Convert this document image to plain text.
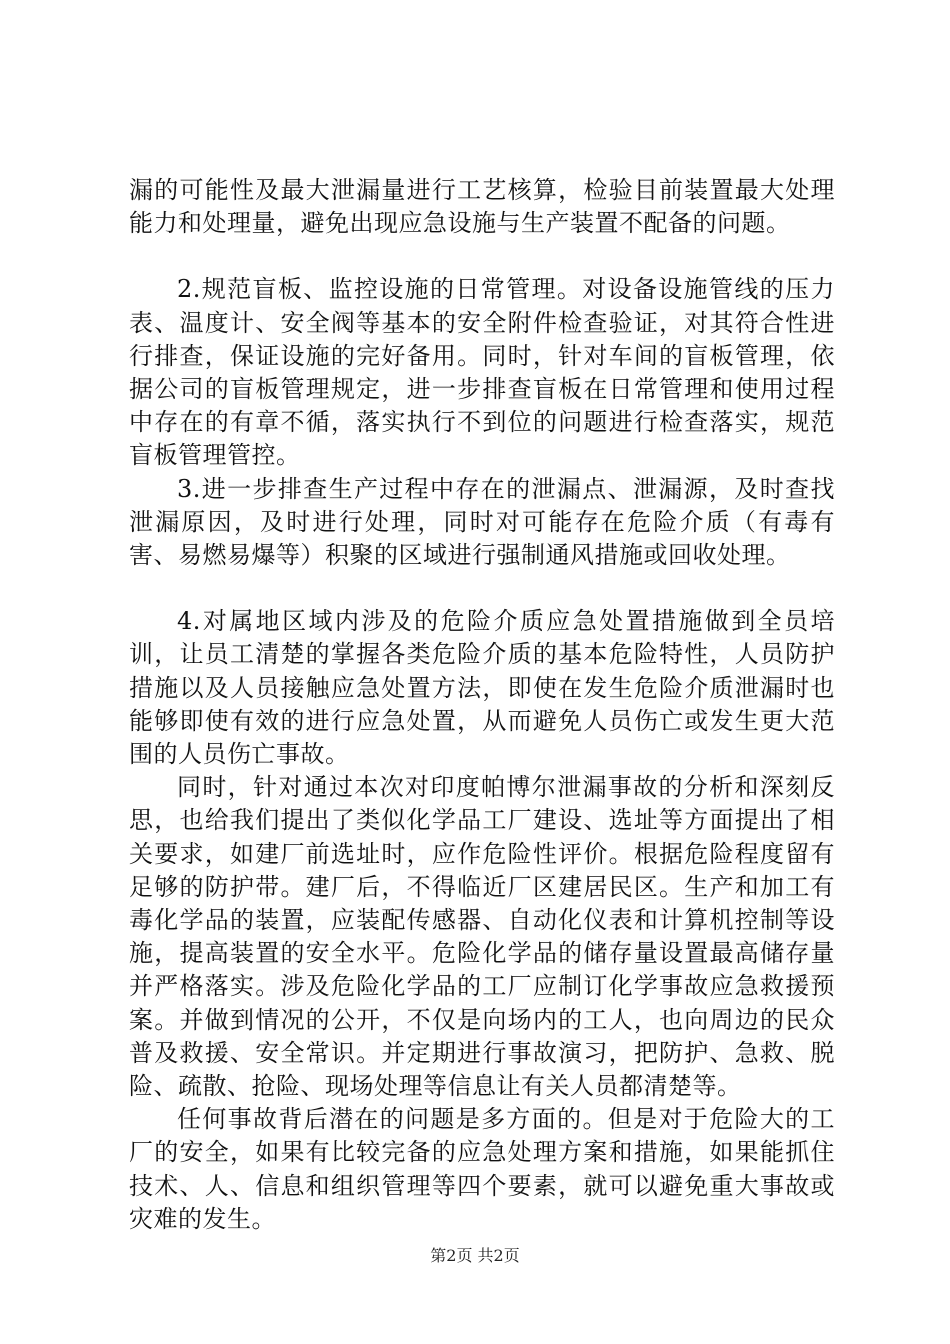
漏的可能性及最大泄漏量进行工艺核算，检验目前装置最大处理能力和处理量，避免出现应急设施与生产装置不配备的问题。

2.规范盲板、监控设施的日常管理。对设备设施管线的压力表、温度计、安全阀等基本的安全附件检查验证，对其符合性进行排查，保证设施的完好备用。同时，针对车间的盲板管理，依据公司的盲板管理规定，进一步排查盲板在日常管理和使用过程中存在的有章不循，落实执行不到位的问题进行检查落实，规范盲板管理管控。

3.进一步排查生产过程中存在的泄漏点、泄漏源，及时查找泄漏原因，及时进行处理，同时对可能存在危险介质（有毒有害、易燃易爆等）积聚的区域进行强制通风措施或回收处理。

4.对属地区域内涉及的危险介质应急处置措施做到全员培训，让员工清楚的掌握各类危险介质的基本危险特性，人员防护措施以及人员接触应急处置方法，即使在发生危险介质泄漏时也能够即使有效的进行应急处置，从而避免人员伤亡或发生更大范围的人员伤亡事故。

同时，针对通过本次对印度帕博尔泄漏事故的分析和深刻反思，也给我们提出了类似化学品工厂建设、选址等方面提出了相关要求，如建厂前选址时，应作危险性评价。根据危险程度留有足够的防护带。建厂后，不得临近厂区建居民区。生产和加工有毒化学品的装置，应装配传感器、自动化仪表和计算机控制等设施，提高装置的安全水平。危险化学品的储存量设置最高储存量并严格落实。涉及危险化学品的工厂应制订化学事故应急救援预案。并做到情况的公开，不仅是向场内的工人，也向周边的民众普及救援、安全常识。并定期进行事故演习，把防护、急救、脱险、疏散、抢险、现场处理等信息让有关人员都清楚等。

任何事故背后潜在的问题是多方面的。但是对于危险大的工厂的安全，如果有比较完备的应急处理方案和措施，如果能抓住技术、人、信息和组织管理等四个要素，就可以避免重大事故或灾难的发生。

第2页 共2页
